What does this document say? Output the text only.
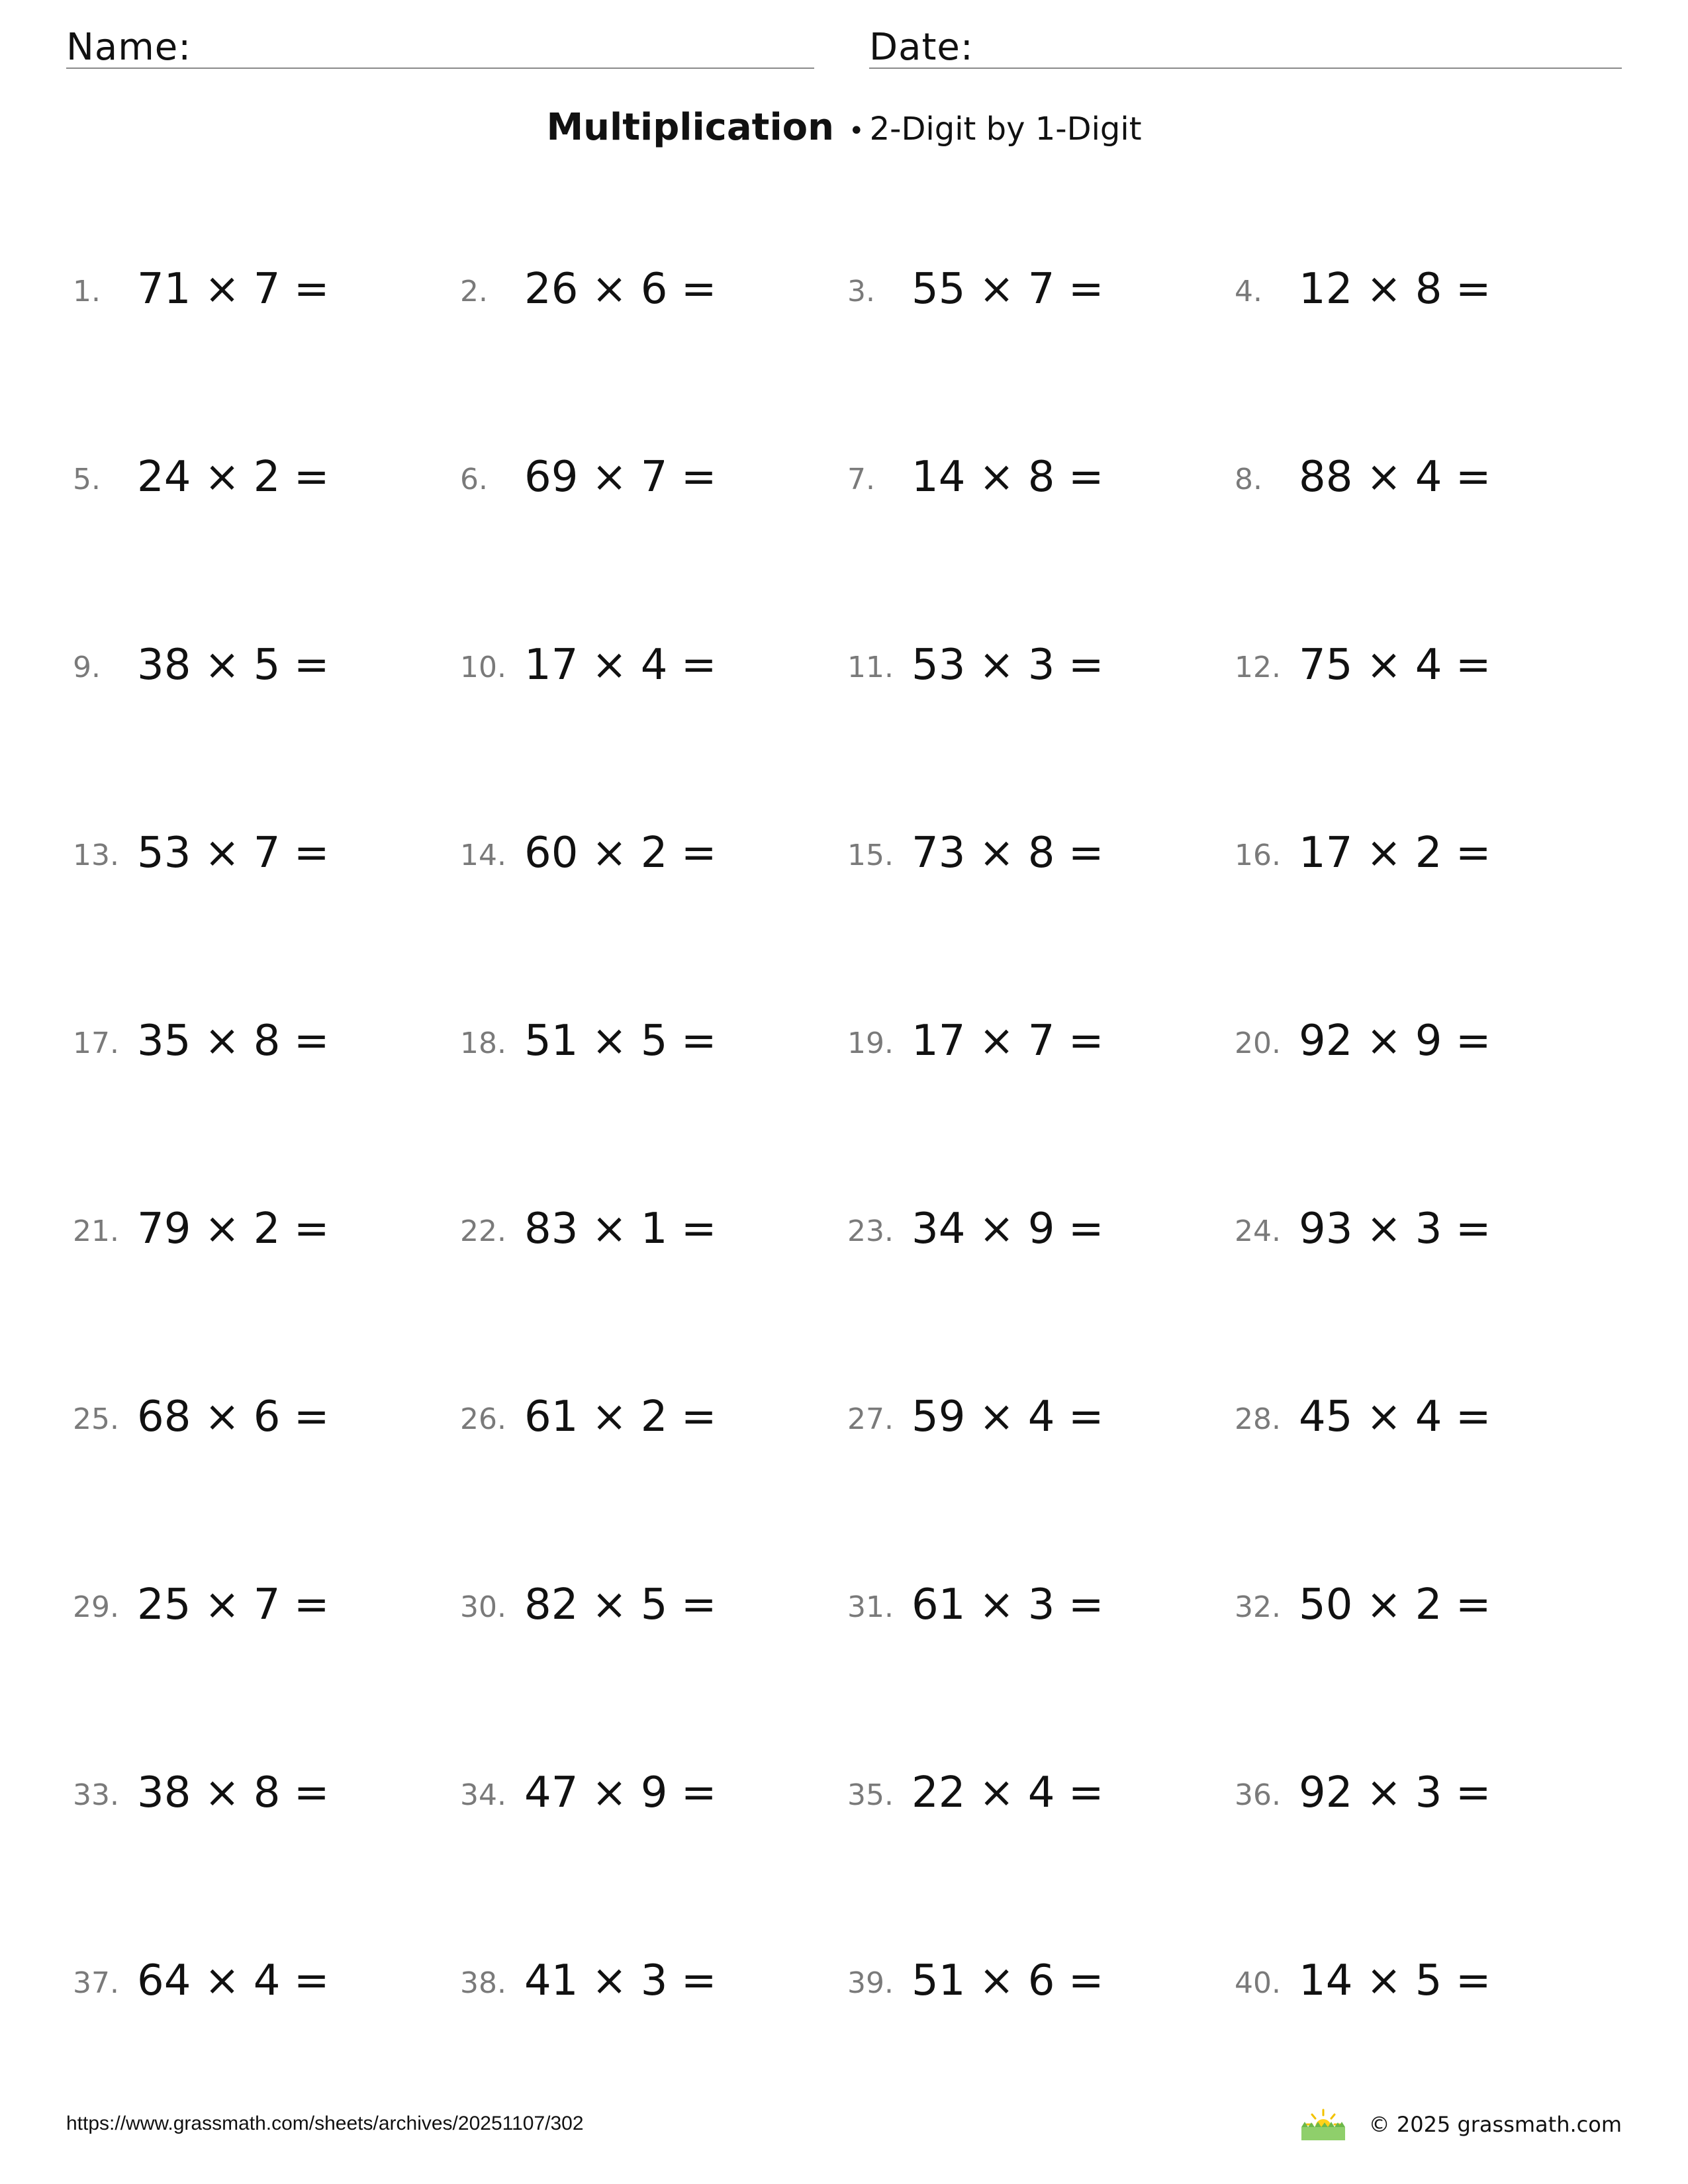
Name:	Date:
Multiplication • 2-Digit by 1-Digit
1. 71 × 7 =	2. 26 × 6 =	3. 55 × 7 =	4. 12 × 8 =
5. 24 × 2 =	6. 69 × 7 =	7. 14 × 8 =	8. 88 × 4 =
9. 38 × 5 =	10. 17 × 4 =	11. 53 × 3 =	12. 75 × 4 =
13. 53 × 7 =	14. 60 × 2 =	15. 73 × 8 =	16. 17 × 2 =
17. 35 × 8 =	18. 51 × 5 =	19. 17 × 7 =	20. 92 × 9 =
21. 79 × 2 =	22. 83 × 1 =	23. 34 × 9 =	24. 93 × 3 =
25. 68 × 6 =	26. 61 × 2 =	27. 59 × 4 =	28. 45 × 4 =
29. 25 × 7 =	30. 82 × 5 =	31. 61 × 3 =	32. 50 × 2 =
33. 38 × 8 =	34. 47 × 9 =	35. 22 × 4 =	36. 92 × 3 =
37. 64 × 4 =	38. 41 × 3 =	39. 51 × 6 =	40. 14 × 5 =
https://www.grassmath.com/sheets/archives/20251107/302	© 2025 grassmath.com
